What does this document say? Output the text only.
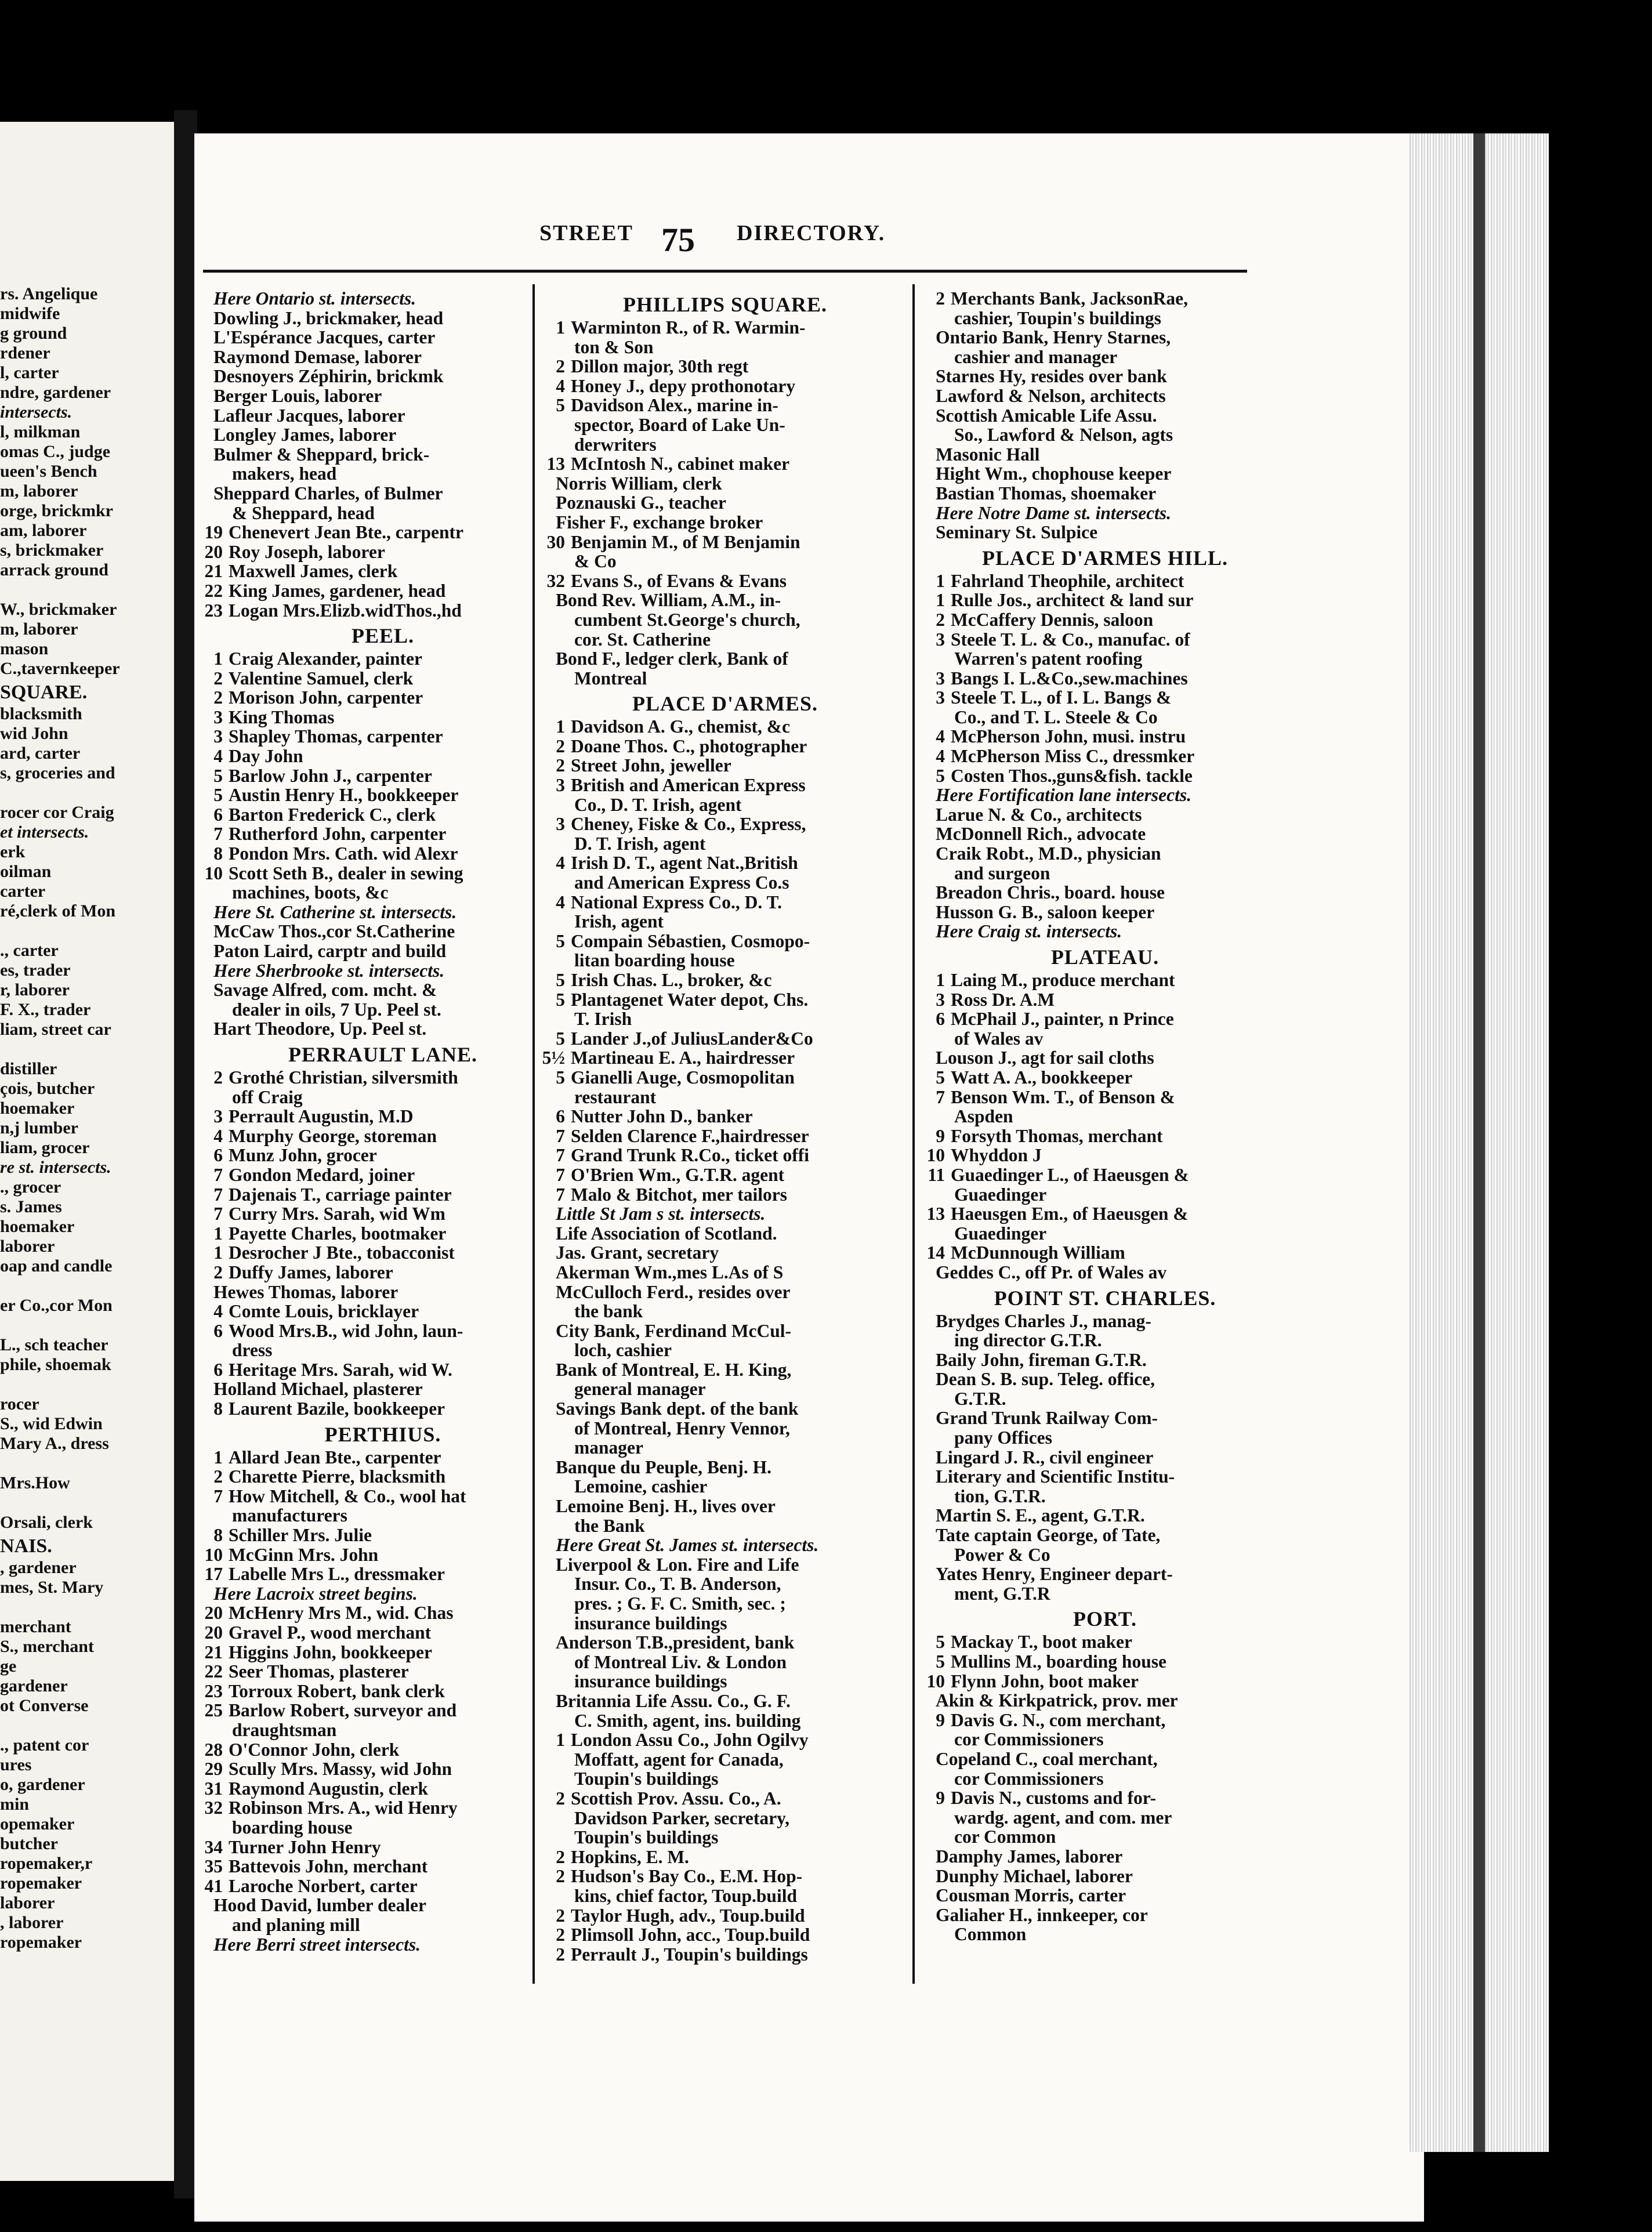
rs. Angelique
midwife
g ground
rdener
l, carter
ndre, gardener
intersects.
l, milkman
omas C., judge
ueen's Bench
m, laborer
orge, brickmkr
am, laborer
s, brickmaker
arrack ground

W., brickmaker
m, laborer
mason
C.,tavernkeeper
SQUARE.
blacksmith
wid John
ard, carter
s, groceries and

rocer cor Craig
et intersects.
erk
oilman
carter
ré,clerk of Mon

., carter
es, trader
r, laborer
F. X., trader
liam, street car

distiller
çois, butcher
hoemaker
n,j lumber
liam, grocer
re st. intersects.
., grocer
s. James
hoemaker
laborer
oap and candle

er Co.,cor Mon

L., sch teacher
phile, shoemak

rocer
S., wid Edwin
Mary A., dress

Mrs.How

Orsali, clerk
NAIS.
, gardener
mes, St. Mary

merchant
S., merchant
ge
gardener
ot Converse

., patent cor
ures
o, gardener
min
opemaker
butcher
ropemaker,r
ropemaker
laborer
, laborer
ropemaker
STREET 75 DIRECTORY.
Here Ontario st. intersects.
Dowling J., brickmaker, head
L'Espérance Jacques, carter
Raymond Demase, laborer
Desnoyers Zéphirin, brickmk
Berger Louis, laborer
Lafleur Jacques, laborer
Longley James, laborer
Bulmer & Sheppard, brick-
makers, head
Sheppard Charles, of Bulmer
& Sheppard, head
19 Chenevert Jean Bte., carpentr
20 Roy Joseph, laborer
21 Maxwell James, clerk
22 King James, gardener, head
23 Logan Mrs.Elizb.widThos.,hd
PEEL.
1 Craig Alexander, painter
2 Valentine Samuel, clerk
2 Morison John, carpenter
3 King Thomas
3 Shapley Thomas, carpenter
4 Day John
5 Barlow John J., carpenter
5 Austin Henry H., bookkeeper
6 Barton Frederick C., clerk
7 Rutherford John, carpenter
8 Pondon Mrs. Cath. wid Alexr
10 Scott Seth B., dealer in sewing
machines, boots, &c
Here St. Catherine st. intersects.
McCaw Thos.,cor St.Catherine
Paton Laird, carptr and build
Here Sherbrooke st. intersects.
Savage Alfred, com. mcht. &
dealer in oils, 7 Up. Peel st.
Hart Theodore, Up. Peel st.
PERRAULT LANE.
2 Grothé Christian, silversmith
off Craig
3 Perrault Augustin, M.D
4 Murphy George, storeman
6 Munz John, grocer
7 Gondon Medard, joiner
7 Dajenais T., carriage painter
7 Curry Mrs. Sarah, wid Wm
1 Payette Charles, bootmaker
1 Desrocher J Bte., tobacconist
2 Duffy James, laborer
Hewes Thomas, laborer
4 Comte Louis, bricklayer
6 Wood Mrs.B., wid John, laun-
dress
6 Heritage Mrs. Sarah, wid W.
Holland Michael, plasterer
8 Laurent Bazile, bookkeeper
PERTHIUS.
1 Allard Jean Bte., carpenter
2 Charette Pierre, blacksmith
7 How Mitchell, & Co., wool hat
manufacturers
8 Schiller Mrs. Julie
10 McGinn Mrs. John
17 Labelle Mrs L., dressmaker
Here Lacroix street begins.
20 McHenry Mrs M., wid. Chas
20 Gravel P., wood merchant
21 Higgins John, bookkeeper
22 Seer Thomas, plasterer
23 Torroux Robert, bank clerk
25 Barlow Robert, surveyor and
draughtsman
28 O'Connor John, clerk
29 Scully Mrs. Massy, wid John
31 Raymond Augustin, clerk
32 Robinson Mrs. A., wid Henry
boarding house
34 Turner John Henry
35 Battevois John, merchant
41 Laroche Norbert, carter
Hood David, lumber dealer
and planing mill
Here Berri street intersects.
PHILLIPS SQUARE.
1 Warminton R., of R. Warmin-
ton & Son
2 Dillon major, 30th regt
4 Honey J., depy prothonotary
5 Davidson Alex., marine in-
spector, Board of Lake Un-
derwriters
13 McIntosh N., cabinet maker
Norris William, clerk
Poznauski G., teacher
Fisher F., exchange broker
30 Benjamin M., of M Benjamin
& Co
32 Evans S., of Evans & Evans
Bond Rev. William, A.M., in-
cumbent St.George's church,
cor. St. Catherine
Bond F., ledger clerk, Bank of
Montreal
PLACE D'ARMES.
1 Davidson A. G., chemist, &c
2 Doane Thos. C., photographer
2 Street John, jeweller
3 British and American Express
Co., D. T. Irish, agent
3 Cheney, Fiske & Co., Express,
D. T. Irish, agent
4 Irish D. T., agent Nat.,British
and American Express Co.s
4 National Express Co., D. T.
Irish, agent
5 Compain Sébastien, Cosmopo-
litan boarding house
5 Irish Chas. L., broker, &c
5 Plantagenet Water depot, Chs.
T. Irish
5 Lander J.,of JuliusLander&Co
5½ Martineau E. A., hairdresser
5 Gianelli Auge, Cosmopolitan
restaurant
6 Nutter John D., banker
7 Selden Clarence F.,hairdresser
7 Grand Trunk R.Co., ticket offi
7 O'Brien Wm., G.T.R. agent
7 Malo & Bitchot, mer tailors
Little St Jam s st. intersects.
Life Association of Scotland.
Jas. Grant, secretary
Akerman Wm.,mes L.As of S
McCulloch Ferd., resides over
the bank
City Bank, Ferdinand McCul-
loch, cashier
Bank of Montreal, E. H. King,
general manager
Savings Bank dept. of the bank
of Montreal, Henry Vennor,
manager
Banque du Peuple, Benj. H.
Lemoine, cashier
Lemoine Benj. H., lives over
the Bank
Here Great St. James st. intersects.
Liverpool & Lon. Fire and Life
Insur. Co., T. B. Anderson,
pres. ; G. F. C. Smith, sec. ;
insurance buildings
Anderson T.B.,president, bank
of Montreal Liv. & London
insurance buildings
Britannia Life Assu. Co., G. F.
C. Smith, agent, ins. building
1 London Assu Co., John Ogilvy
Moffatt, agent for Canada,
Toupin's buildings
2 Scottish Prov. Assu. Co., A.
Davidson Parker, secretary,
Toupin's buildings
2 Hopkins, E. M.
2 Hudson's Bay Co., E.M. Hop-
kins, chief factor, Toup.build
2 Taylor Hugh, adv., Toup.build
2 Plimsoll John, acc., Toup.build
2 Perrault J., Toupin's buildings
2 Merchants Bank, JacksonRae,
cashier, Toupin's buildings
Ontario Bank, Henry Starnes,
cashier and manager
Starnes Hy, resides over bank
Lawford & Nelson, architects
Scottish Amicable Life Assu.
So., Lawford & Nelson, agts
Masonic Hall
Hight Wm., chophouse keeper
Bastian Thomas, shoemaker
Here Notre Dame st. intersects.
Seminary St. Sulpice
PLACE D'ARMES HILL.
1 Fahrland Theophile, architect
1 Rulle Jos., architect & land sur
2 McCaffery Dennis, saloon
3 Steele T. L. & Co., manufac. of
Warren's patent roofing
3 Bangs I. L.&Co.,sew.machines
3 Steele T. L., of I. L. Bangs &
Co., and T. L. Steele & Co
4 McPherson John, musi. instru
4 McPherson Miss C., dressmker
5 Costen Thos.,guns&fish. tackle
Here Fortification lane intersects.
Larue N. & Co., architects
McDonnell Rich., advocate
Craik Robt., M.D., physician
and surgeon
Breadon Chris., board. house
Husson G. B., saloon keeper
Here Craig st. intersects.
PLATEAU.
1 Laing M., produce merchant
3 Ross Dr. A.M
6 McPhail J., painter, n Prince
of Wales av
Louson J., agt for sail cloths
5 Watt A. A., bookkeeper
7 Benson Wm. T., of Benson &
Aspden
9 Forsyth Thomas, merchant
10 Whyddon J
11 Guaedinger L., of Haeusgen &
Guaedinger
13 Haeusgen Em., of Haeusgen &
Guaedinger
14 McDunnough William
Geddes C., off Pr. of Wales av
POINT ST. CHARLES.
Brydges Charles J., manag-
ing director G.T.R.
Baily John, fireman G.T.R.
Dean S. B. sup. Teleg. office,
G.T.R.
Grand Trunk Railway Com-
pany Offices
Lingard J. R., civil engineer
Literary and Scientific Institu-
tion, G.T.R.
Martin S. E., agent, G.T.R.
Tate captain George, of Tate,
Power & Co
Yates Henry, Engineer depart-
ment, G.T.R
PORT.
5 Mackay T., boot maker
5 Mullins M., boarding house
10 Flynn John, boot maker
Akin & Kirkpatrick, prov. mer
9 Davis G. N., com merchant,
cor Commissioners
Copeland C., coal merchant,
cor Commissioners
9 Davis N., customs and for-
wardg. agent, and com. mer
cor Common
Damphy James, laborer
Dunphy Michael, laborer
Cousman Morris, carter
Galiaher H., innkeeper, cor
Common
